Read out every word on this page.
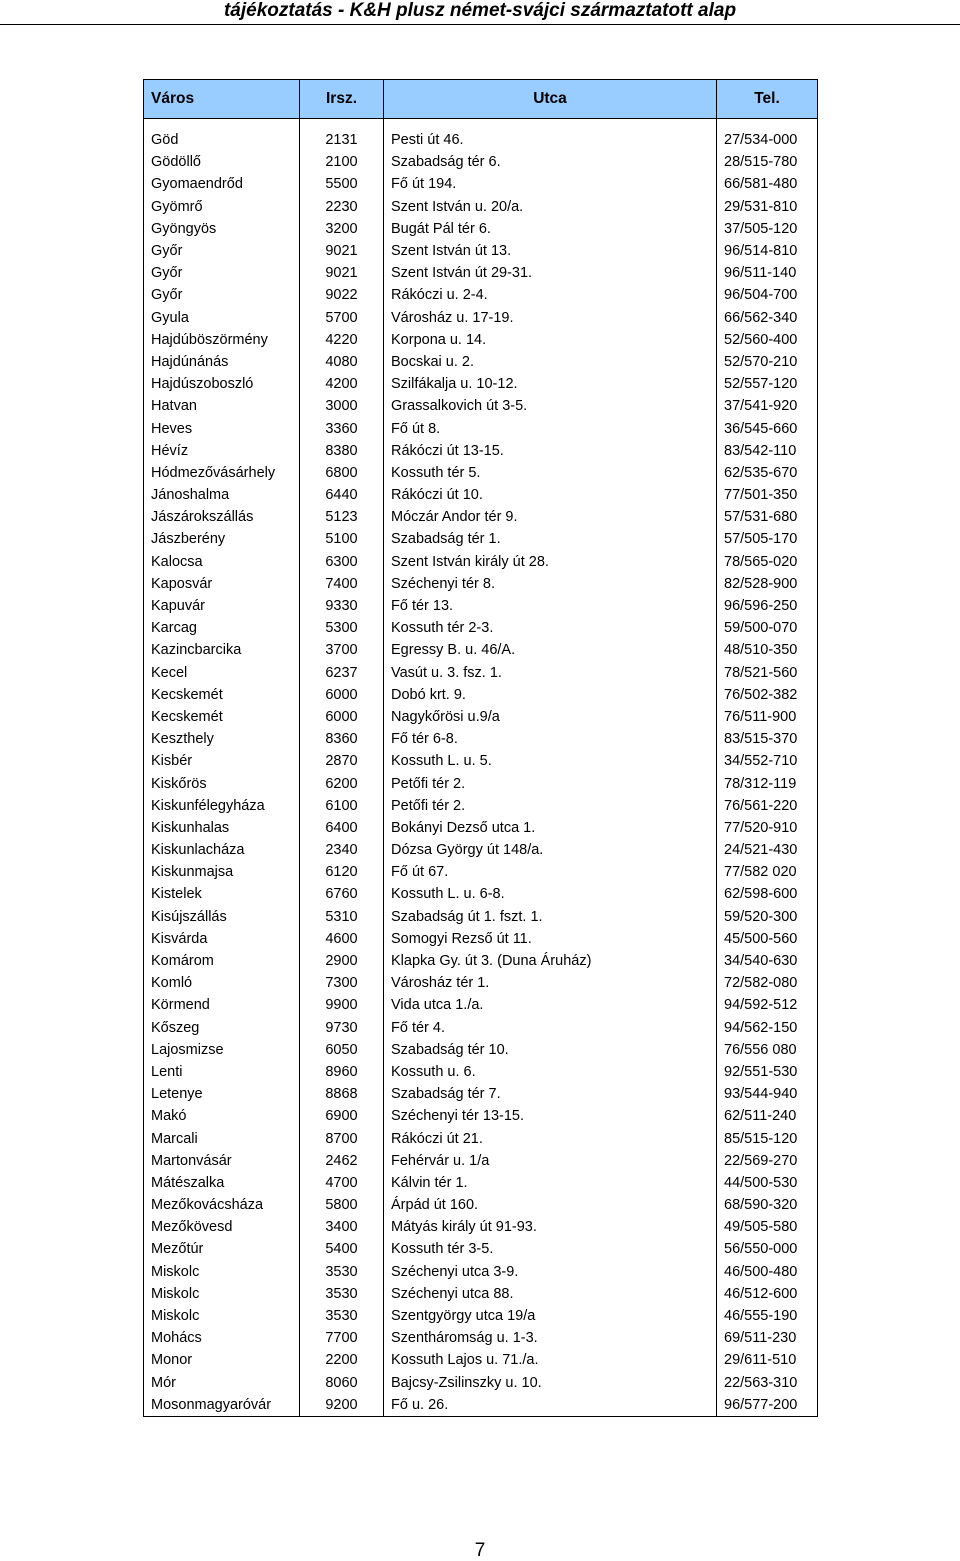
tájékoztatás - K&H plusz német-svájci származtatott alap
Város	Irsz.	Utca	Tel.

Göd	2131	Pesti út 46.	27/534-000
Gödöllő	2100	Szabadság tér 6.	28/515-780
Gyomaendrőd	5500	Fő út 194.	66/581-480
Gyömrő	2230	Szent István u. 20/a.	29/531-810
Gyöngyös	3200	Bugát Pál tér 6.	37/505-120
Győr	9021	Szent István út 13.	96/514-810
Győr	9021	Szent István út 29-31.	96/511-140
Győr	9022	Rákóczi u. 2-4.	96/504-700
Gyula	5700	Városház u. 17-19.	66/562-340
Hajdúböszörmény	4220	Korpona u. 14.	52/560-400
Hajdúnánás	4080	Bocskai u. 2.	52/570-210
Hajdúszoboszló	4200	Szilfákalja u. 10-12.	52/557-120
Hatvan	3000	Grassalkovich út 3-5.	37/541-920
Heves	3360	Fő út 8.	36/545-660
Hévíz	8380	Rákóczi út 13-15.	83/542-110
Hódmezővásárhely	6800	Kossuth tér 5.	62/535-670
Jánoshalma	6440	Rákóczi út 10.	77/501-350
Jászárokszállás	5123	Móczár Andor tér 9.	57/531-680
Jászberény	5100	Szabadság tér 1.	57/505-170
Kalocsa	6300	Szent István király út 28.	78/565-020
Kaposvár	7400	Széchenyi tér 8.	82/528-900
Kapuvár	9330	Fő tér 13.	96/596-250
Karcag	5300	Kossuth tér 2-3.	59/500-070
Kazincbarcika	3700	Egressy B. u. 46/A.	48/510-350
Kecel	6237	Vasút u. 3. fsz. 1.	78/521-560
Kecskemét	6000	Dobó krt. 9.	76/502-382
Kecskemét	6000	Nagykőrösi u.9/a	76/511-900
Keszthely	8360	Fő tér 6-8.	83/515-370
Kisbér	2870	Kossuth L. u. 5.	34/552-710
Kiskőrös	6200	Petőfi tér 2.	78/312-119
Kiskunfélegyháza	6100	Petőfi tér 2.	76/561-220
Kiskunhalas	6400	Bokányi Dezső utca 1.	77/520-910
Kiskunlacháza	2340	Dózsa György út 148/a.	24/521-430
Kiskunmajsa	6120	Fő út 67.	77/582 020
Kistelek	6760	Kossuth L. u. 6-8.	62/598-600
Kisújszállás	5310	Szabadság út 1. fszt. 1.	59/520-300
Kisvárda	4600	Somogyi Rezső út 11.	45/500-560
Komárom	2900	Klapka Gy. út 3. (Duna Áruház)	34/540-630
Komló	7300	Városház tér 1.	72/582-080
Körmend	9900	Vida utca 1./a.	94/592-512
Kőszeg	9730	Fő tér 4.	94/562-150
Lajosmizse	6050	Szabadság tér 10.	76/556 080
Lenti	8960	Kossuth u. 6.	92/551-530
Letenye	8868	Szabadság tér 7.	93/544-940
Makó	6900	Széchenyi tér 13-15.	62/511-240
Marcali	8700	Rákóczi út 21.	85/515-120
Martonvásár	2462	Fehérvár u. 1/a	22/569-270
Mátészalka	4700	Kálvin tér 1.	44/500-530
Mezőkovácsháza	5800	Árpád út 160.	68/590-320
Mezőkövesd	3400	Mátyás király út 91-93.	49/505-580
Mezőtúr	5400	Kossuth tér 3-5.	56/550-000
Miskolc	3530	Széchenyi utca 3-9.	46/500-480
Miskolc	3530	Széchenyi utca 88.	46/512-600
Miskolc	3530	Szentgyörgy utca 19/a	46/555-190
Mohács	7700	Szentháromság u. 1-3.	69/511-230
Monor	2200	Kossuth Lajos u. 71./a.	29/611-510
Mór	8060	Bajcsy-Zsilinszky u. 10.	22/563-310
Mosonmagyaróvár	9200	Fő u. 26.	96/577-200
7
